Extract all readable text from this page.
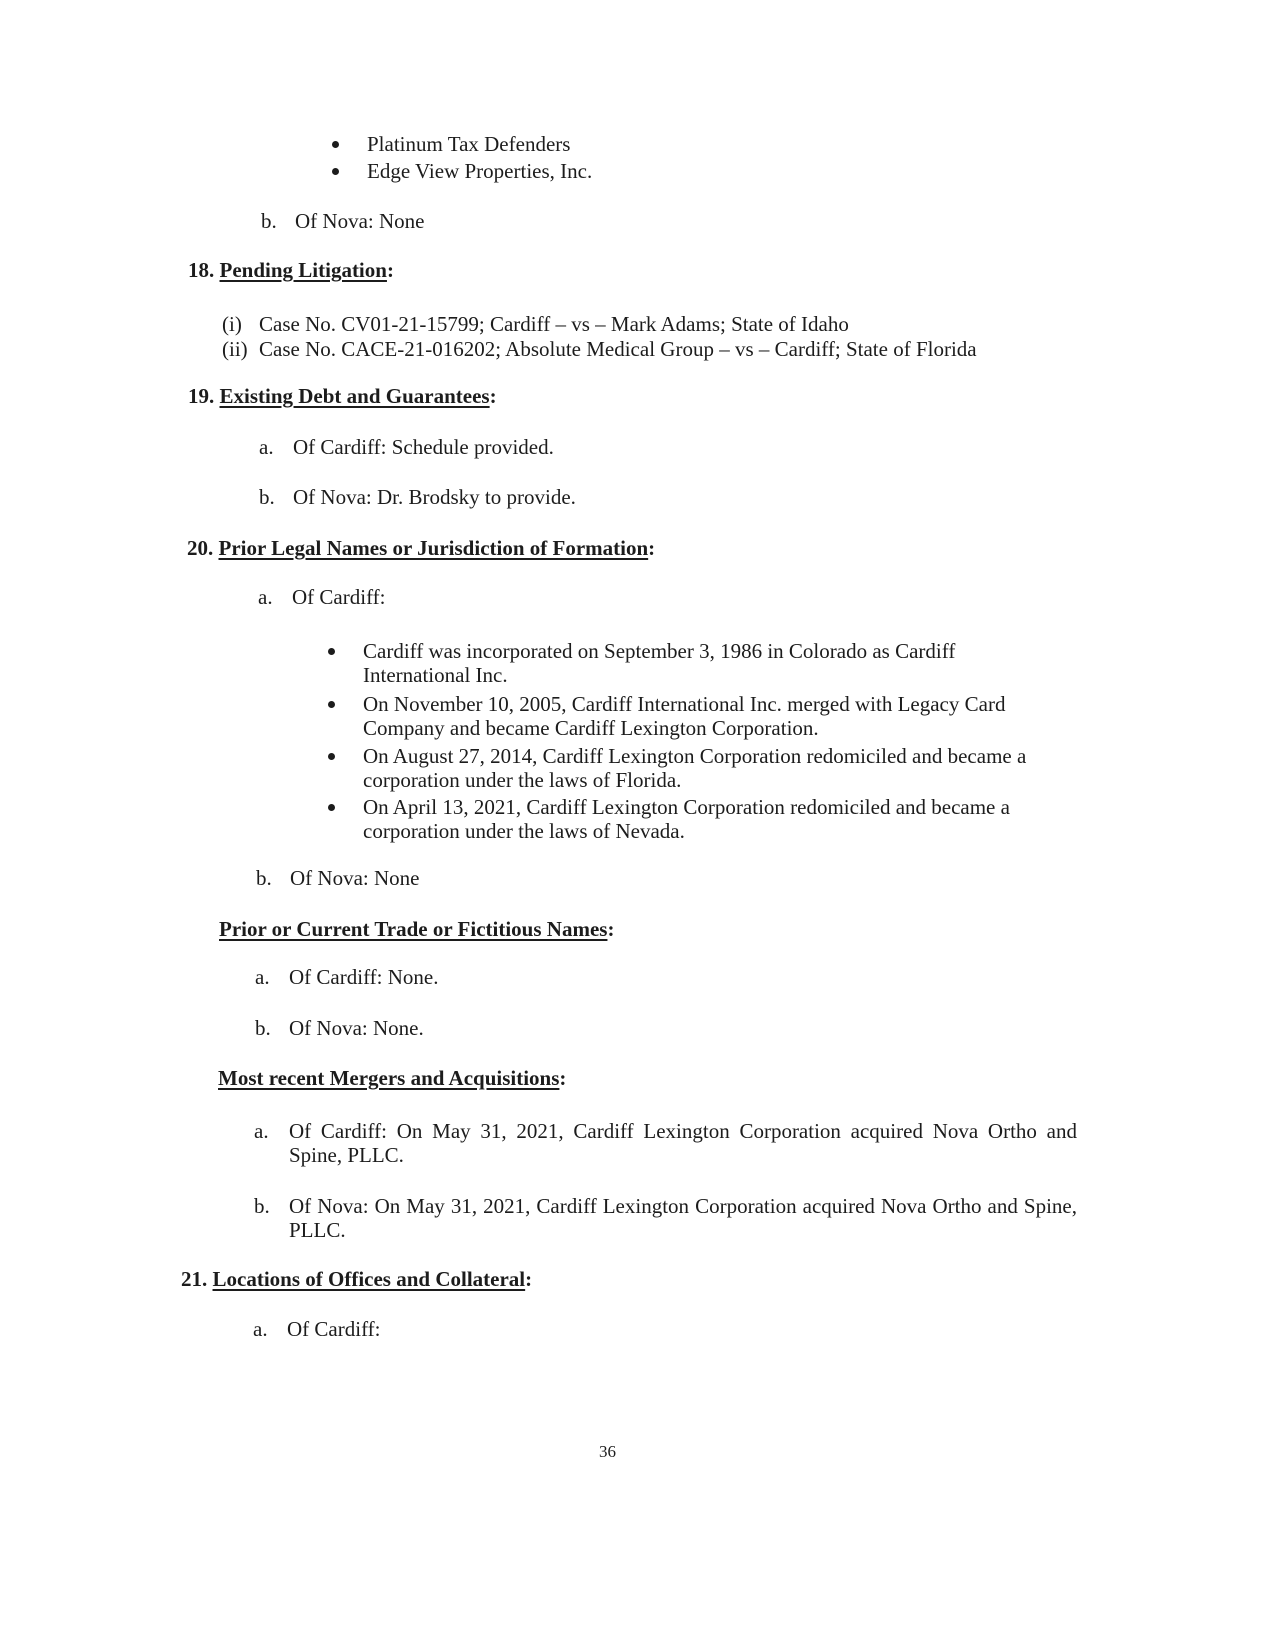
Platinum Tax Defenders
Edge View Properties, Inc.
b. Of Nova: None
18. Pending Litigation:
(i) Case No. CV01-21-15799; Cardiff – vs – Mark Adams; State of Idaho
(ii) Case No. CACE-21-016202; Absolute Medical Group – vs – Cardiff; State of Florida
19. Existing Debt and Guarantees:
a. Of Cardiff: Schedule provided.
b. Of Nova: Dr. Brodsky to provide.
20. Prior Legal Names or Jurisdiction of Formation:
a. Of Cardiff:
Cardiff was incorporated on September 3, 1986 in Colorado as Cardiff International Inc.
On November 10, 2005, Cardiff International Inc. merged with Legacy Card Company and became Cardiff Lexington Corporation.
On August 27, 2014, Cardiff Lexington Corporation redomiciled and became a corporation under the laws of Florida.
On April 13, 2021, Cardiff Lexington Corporation redomiciled and became a corporation under the laws of Nevada.
b. Of Nova: None
Prior or Current Trade or Fictitious Names:
a. Of Cardiff: None.
b. Of Nova: None.
Most recent Mergers and Acquisitions:
a. Of Cardiff: On May 31, 2021, Cardiff Lexington Corporation acquired Nova Ortho and Spine, PLLC.
b. Of Nova: On May 31, 2021, Cardiff Lexington Corporation acquired Nova Ortho and Spine, PLLC.
21. Locations of Offices and Collateral:
a. Of Cardiff:
36
